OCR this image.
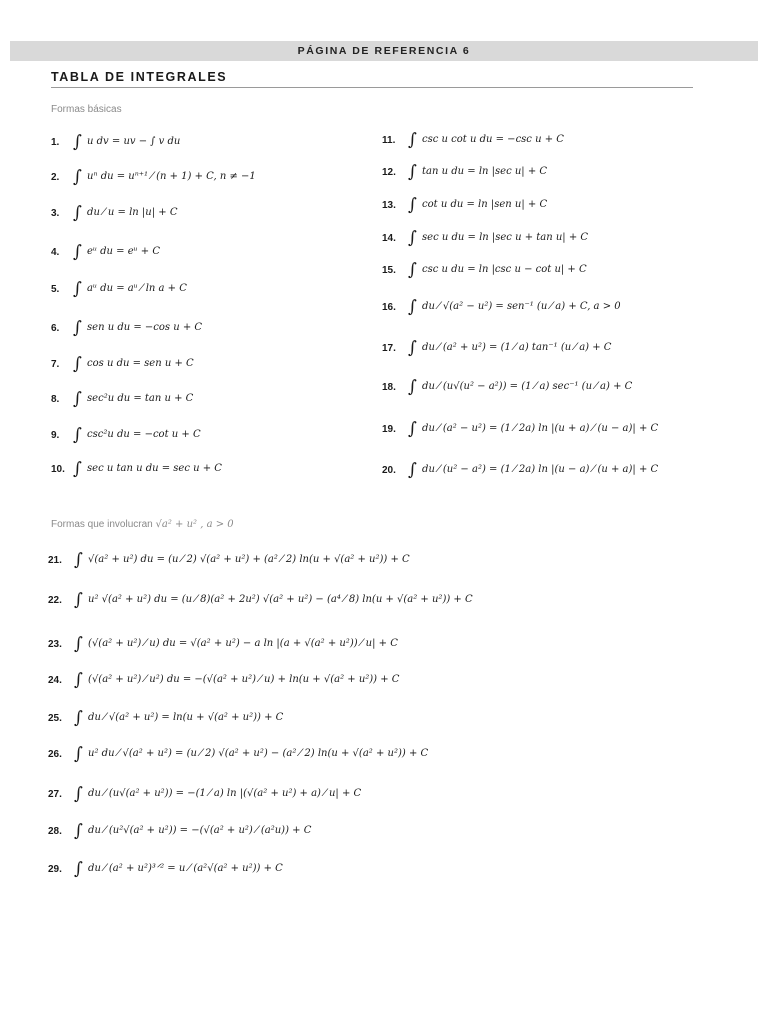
PÁGINA DE REFERENCIA 6
TABLA DE INTEGRALES
Formas básicas
1. ∫ u dv = uv − ∫ v du
2. ∫ uⁿ du = uⁿ⁺¹ ⁄ (n + 1) + C, n ≠ −1
3. ∫ du ⁄ u = ln |u| + C
4. ∫ eᵘ du = eᵘ + C
5. ∫ aᵘ du = aᵘ ⁄ ln a + C
6. ∫ sen u du = −cos u + C
7. ∫ cos u du = sen u + C
8. ∫ sec²u du = tan u + C
9. ∫ csc²u du = −cot u + C
10. ∫ sec u tan u du = sec u + C
11. ∫ csc u cot u du = −csc u + C
12. ∫ tan u du = ln |sec u| + C
13. ∫ cot u du = ln |sen u| + C
14. ∫ sec u du = ln |sec u + tan u| + C
15. ∫ csc u du = ln |csc u − cot u| + C
16. ∫ du ⁄ √(a² − u²) = sen⁻¹ (u ⁄ a) + C, a > 0
17. ∫ du ⁄ (a² + u²) = (1 ⁄ a) tan⁻¹ (u ⁄ a) + C
18. ∫ du ⁄ (u√(u² − a²)) = (1 ⁄ a) sec⁻¹ (u ⁄ a) + C
19. ∫ du ⁄ (a² − u²) = (1 ⁄ 2a) ln |(u + a) ⁄ (u − a)| + C
20. ∫ du ⁄ (u² − a²) = (1 ⁄ 2a) ln |(u − a) ⁄ (u + a)| + C
Formas que involucran √a² + u² , a > 0
21. ∫ √(a² + u²) du = (u ⁄ 2) √(a² + u²) + (a² ⁄ 2) ln(u + √(a² + u²)) + C
22. ∫ u² √(a² + u²) du = (u ⁄ 8)(a² + 2u²) √(a² + u²) − (a⁴ ⁄ 8) ln(u + √(a² + u²)) + C
23. ∫ (√(a² + u²) ⁄ u) du = √(a² + u²) − a ln |(a + √(a² + u²)) ⁄ u| + C
24. ∫ (√(a² + u²) ⁄ u²) du = −(√(a² + u²) ⁄ u) + ln(u + √(a² + u²)) + C
25. ∫ du ⁄ √(a² + u²) = ln(u + √(a² + u²)) + C
26. ∫ u² du ⁄ √(a² + u²) = (u ⁄ 2) √(a² + u²) − (a² ⁄ 2) ln(u + √(a² + u²)) + C
27. ∫ du ⁄ (u√(a² + u²)) = −(1 ⁄ a) ln |(√(a² + u²) + a) ⁄ u| + C
28. ∫ du ⁄ (u²√(a² + u²)) = −(√(a² + u²) ⁄ (a²u)) + C
29. ∫ du ⁄ (a² + u²)³ᐟ² = u ⁄ (a²√(a² + u²)) + C
